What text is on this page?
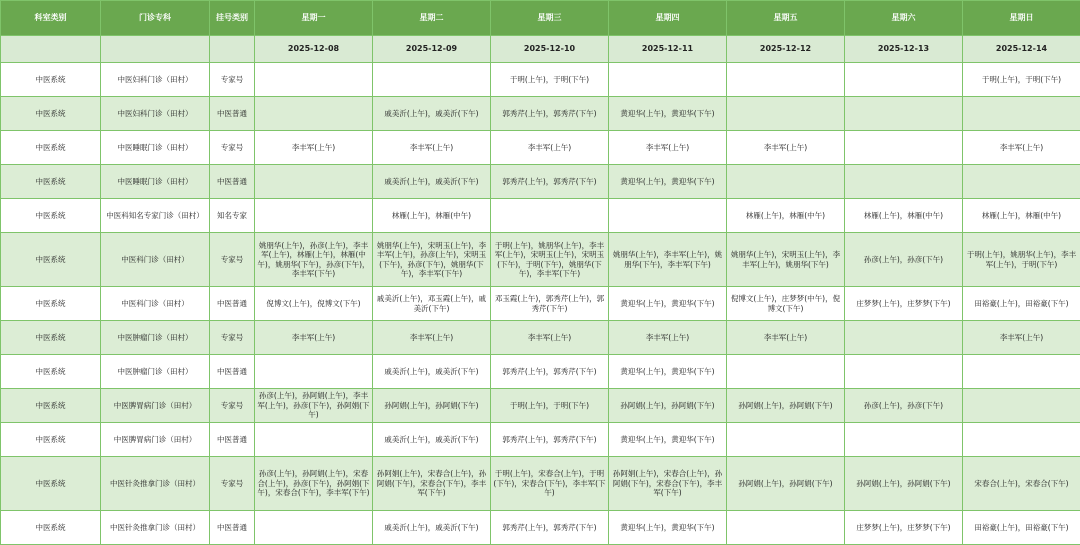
科室类别	门诊专科	挂号类别	星期一	星期二	星期三	星期四	星期五	星期六	星期日
			2025-12-08	2025-12-09	2025-12-10	2025-12-11	2025-12-12	2025-12-13	2025-12-14
中医系统	中医妇科门诊（田村）	专家号			于明(上午)，于明(下午)				于明(上午)，于明(下午)
中医系统	中医妇科门诊（田村）	中医普通		戚美沂(上午)，戚美沂(下午)	郭秀芹(上午)，郭秀芹(下午)	黄迎华(上午)，黄迎华(下午)			
中医系统	中医睡眠门诊（田村）	专家号	李丰军(上午)	李丰军(上午)	李丰军(上午)	李丰军(上午)	李丰军(上午)		李丰军(上午)
中医系统	中医睡眠门诊（田村）	中医普通		戚美沂(上午)，戚美沂(下午)	郭秀芹(上午)，郭秀芹(下午)	黄迎华(上午)，黄迎华(下午)			
中医系统	中医科知名专家门诊（田村）	知名专家		林雁(上午)，林雁(中午)			林雁(上午)，林雁(中午)	林雁(上午)，林雁(中午)	林雁(上午)，林雁(中午)
中医系统	中医科门诊（田村）	专家号	姚朋华(上午)，孙彦(上午)，李丰军(上午)，林雁(上午)，林雁(中午)，姚朋华(下午)，孙彦(下午)，李丰军(下午)	姚朋华(上午)，宋明玉(上午)，李丰军(上午)，孙彦(上午)，宋明玉(下午)，孙彦(下午)，姚朋华(下午)，李丰军(下午)	于明(上午)，姚朋华(上午)，李丰军(上午)，宋明玉(上午)，宋明玉(下午)，于明(下午)，姚朋华(下午)，李丰军(下午)	姚朋华(上午)，李丰军(上午)，姚朋华(下午)，李丰军(下午)	姚朋华(上午)，宋明玉(上午)，李丰军(上午)，姚朋华(下午)	孙彦(上午)，孙彦(下午)	于明(上午)，姚朋华(上午)，李丰军(上午)，于明(下午)
中医系统	中医科门诊（田村）	中医普通	倪博文(上午)，倪博文(下午)	戚美沂(上午)，邓玉霞(上午)，戚美沂(下午)	邓玉霞(上午)，郭秀芹(上午)，郭秀芹(下午)	黄迎华(上午)，黄迎华(下午)	倪博文(上午)，庄梦梦(中午)，倪博文(下午)	庄梦梦(上午)，庄梦梦(下午)	田裕豪(上午)，田裕豪(下午)
中医系统	中医肿瘤门诊（田村）	专家号	李丰军(上午)	李丰军(上午)	李丰军(上午)	李丰军(上午)	李丰军(上午)		李丰军(上午)
中医系统	中医肿瘤门诊（田村）	中医普通		戚美沂(上午)，戚美沂(下午)	郭秀芹(上午)，郭秀芹(下午)	黄迎华(上午)，黄迎华(下午)			
中医系统	中医脾胃病门诊（田村）	专家号	孙彦(上午)，孙阿娟(上午)，李丰军(上午)，孙彦(下午)，孙阿娟(下午)	孙阿娟(上午)，孙阿娟(下午)	于明(上午)，于明(下午)	孙阿娟(上午)，孙阿娟(下午)	孙阿娟(上午)，孙阿娟(下午)	孙彦(上午)，孙彦(下午)	
中医系统	中医脾胃病门诊（田村）	中医普通		戚美沂(上午)，戚美沂(下午)	郭秀芹(上午)，郭秀芹(下午)	黄迎华(上午)，黄迎华(下午)			
中医系统	中医针灸推拿门诊（田村）	专家号	孙彦(上午)，孙阿娟(上午)，宋春合(上午)，孙彦(下午)，孙阿娟(下午)，宋春合(下午)，李丰军(下午)	孙阿娟(上午)，宋春合(上午)，孙阿娟(下午)，宋春合(下午)，李丰军(下午)	于明(上午)，宋春合(上午)，于明(下午)，宋春合(下午)，李丰军(下午)	孙阿娟(上午)，宋春合(上午)，孙阿娟(下午)，宋春合(下午)，李丰军(下午)	孙阿娟(上午)，孙阿娟(下午)	孙阿娟(上午)，孙阿娟(下午)	宋春合(上午)，宋春合(下午)
中医系统	中医针灸推拿门诊（田村）	中医普通		戚美沂(上午)，戚美沂(下午)	郭秀芹(上午)，郭秀芹(下午)	黄迎华(上午)，黄迎华(下午)		庄梦梦(上午)，庄梦梦(下午)	田裕豪(上午)，田裕豪(下午)
